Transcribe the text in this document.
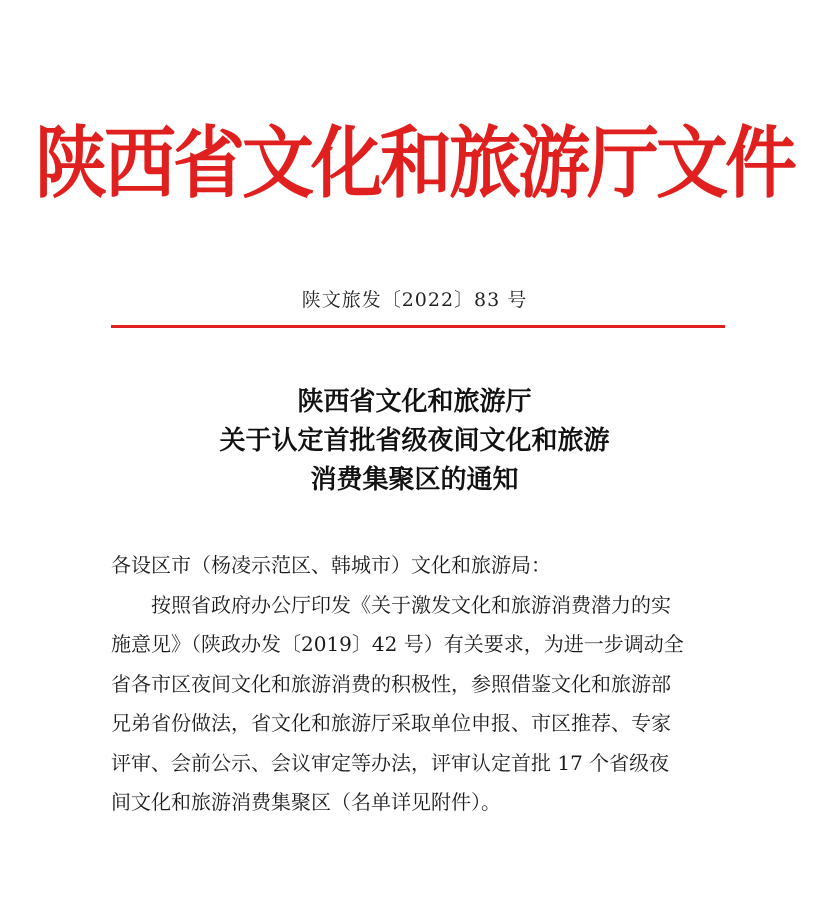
陕西省文化和旅游厅文件
陕文旅发〔2022〕83 号
陕西省文化和旅游厅
关于认定首批省级夜间文化和旅游
消费集聚区的通知
各设区市（杨凌示范区、韩城市）文化和旅游局：
按照省政府办公厅印发《关于激发文化和旅游消费潜力的实
施意见》（陕政办发〔2019〕42 号）有关要求，为进一步调动全
省各市区夜间文化和旅游消费的积极性，参照借鉴文化和旅游部
兄弟省份做法，省文化和旅游厅采取单位申报、市区推荐、专家
评审、会前公示、会议审定等办法，评审认定首批 17 个省级夜
间文化和旅游消费集聚区（名单详见附件）。
